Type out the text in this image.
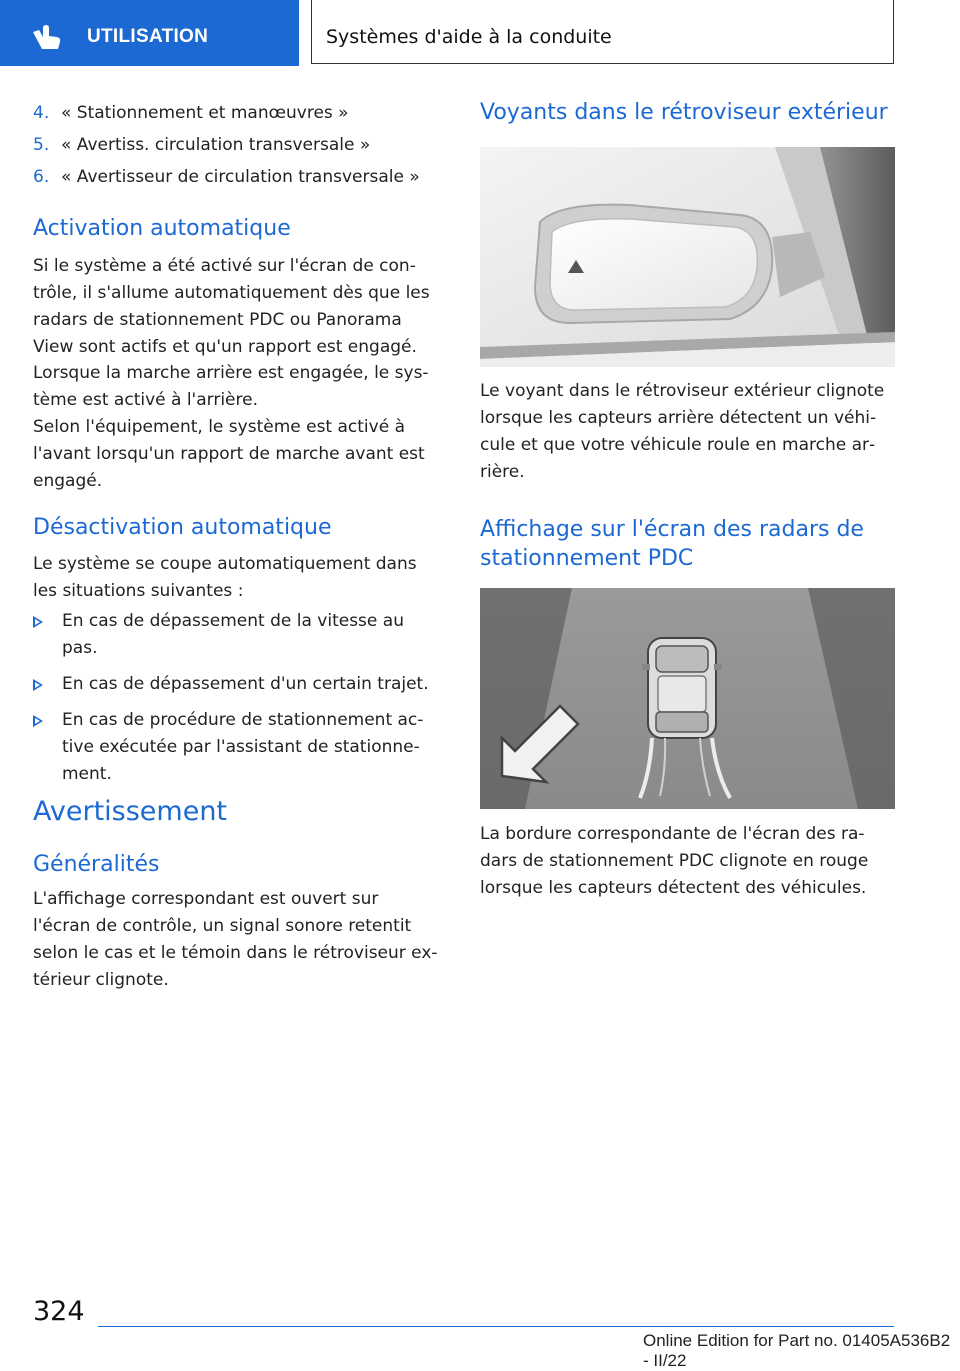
UTILISATION	Systèmes d'aide à la conduite
4. « Stationnement et manœuvres »
5. « Avertiss. circulation transversale »
6. « Avertisseur de circulation transversale »
Activation automatique
Si le système a été activé sur l'écran de con‐
trôle, il s'allume automatiquement dès que les
radars de stationnement PDC ou Panorama
View sont actifs et qu'un rapport est engagé.
Lorsque la marche arrière est engagée, le sys‐
tème est activé à l'arrière.
Selon l'équipement, le système est activé à
l'avant lorsqu'un rapport de marche avant est
engagé.
Désactivation automatique
Le système se coupe automatiquement dans
les situations suivantes :
En cas de dépassement de la vitesse au
pas.
En cas de dépassement d'un certain trajet.
En cas de procédure de stationnement ac‐
tive exécutée par l'assistant de stationne‐
ment.
Avertissement
Généralités
L'affichage correspondant est ouvert sur
l'écran de contrôle, un signal sonore retentit
selon le cas et le témoin dans le rétroviseur ex‐
térieur clignote.
Voyants dans le rétroviseur extérieur
Le voyant dans le rétroviseur extérieur clignote
lorsque les capteurs arrière détectent un véhi‐
cule et que votre véhicule roule en marche ar‐
rière.
Affichage sur l'écran des radars de
stationnement PDC
La bordure correspondante de l'écran des ra‐
dars de stationnement PDC clignote en rouge
lorsque les capteurs détectent des véhicules.
324
Online Edition for Part no. 01405A536B2 - II/22
